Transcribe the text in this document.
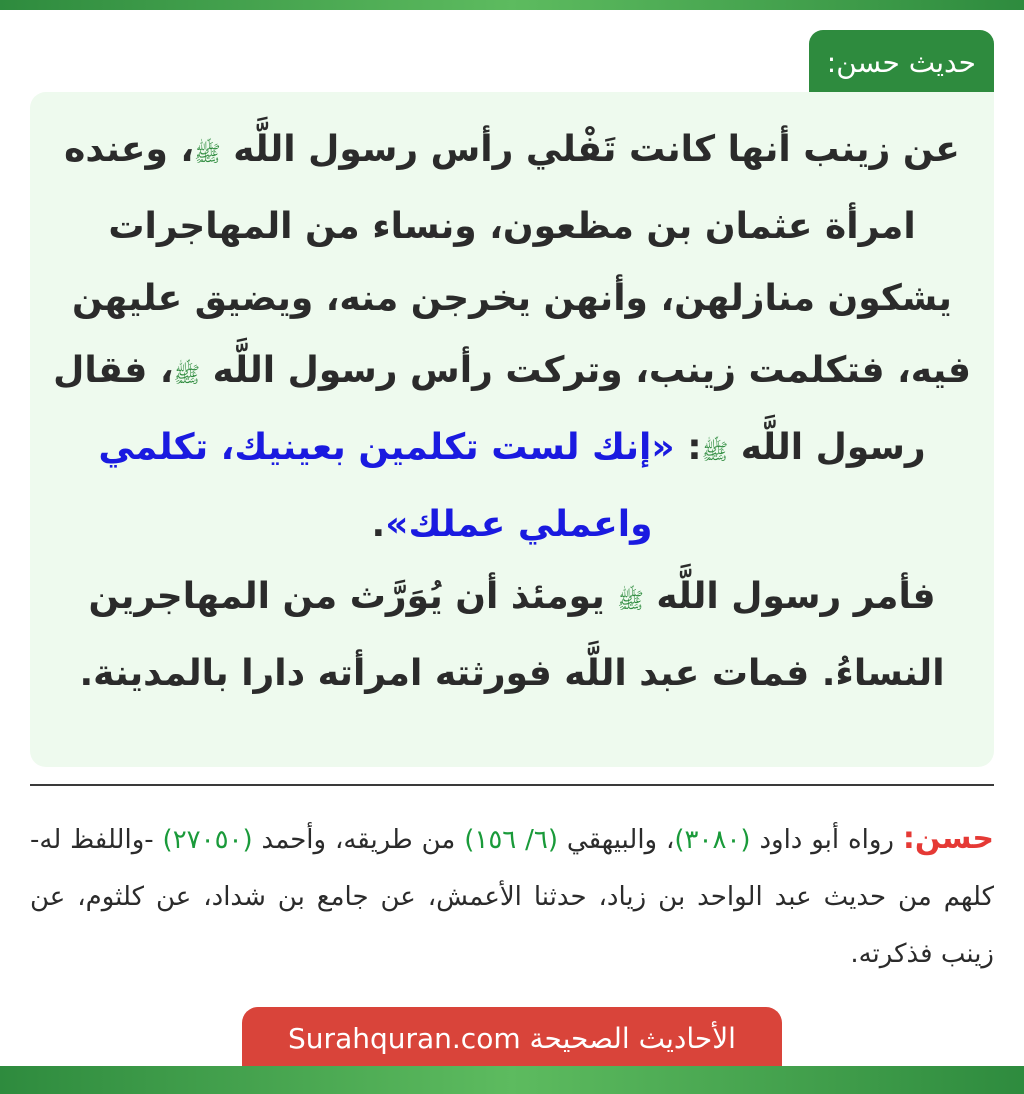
حديث حسن:

عن زينب أنها كانت تَفْلي رأس رسول اللَّه ﷺ، وعنده امرأة عثمان بن مظعون، ونساء من المهاجرات يشكون منازلهن، وأنهن يخرجن منه، ويضيق عليهن فيه، فتكلمت زينب، وتركت رأس رسول اللَّه ﷺ، فقال رسول اللَّه ﷺ: «إنك لست تكلمين بعينيك، تكلمي واعملي عملك».
فأمر رسول اللَّه ﷺ يومئذ أن يُوَرَّث من المهاجرين النساءُ. فمات عبد اللَّه فورثته امرأته دارا بالمدينة.

حسن: رواه أبو داود (٣٠٨٠)، والبيهقي (٦/ ١٥٦) من طريقه، وأحمد (٢٧٠٥٠) -واللفظ له- كلهم من حديث عبد الواحد بن زياد، حدثنا الأعمش، عن جامع بن شداد، عن كلثوم، عن زينب فذكرته.

الأحاديث الصحيحة Surahquran.com
